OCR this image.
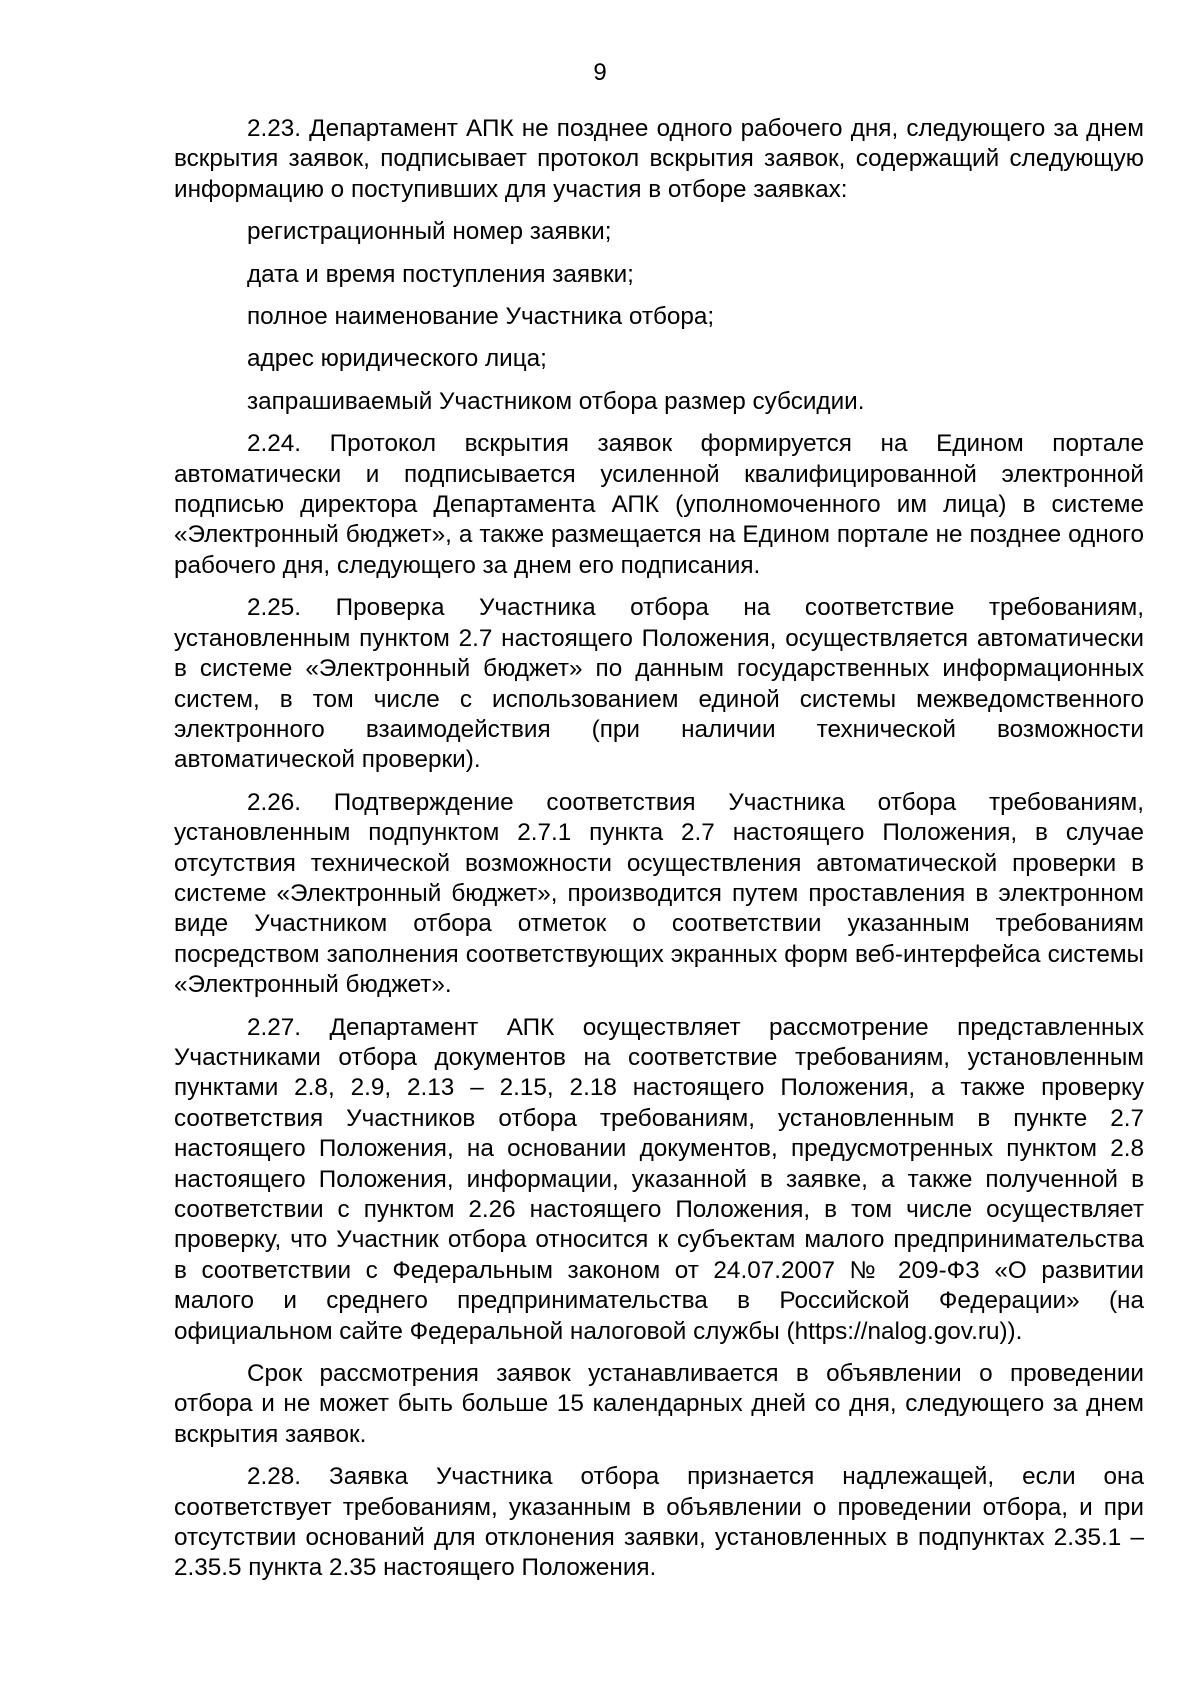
9

2.23. Департамент АПК не позднее одного рабочего дня, следующего за днем вскрытия заявок, подписывает протокол вскрытия заявок, содержащий следующую информацию о поступивших для участия в отборе заявках:

регистрационный номер заявки;

дата и время поступления заявки;

полное наименование Участника отбора;

адрес юридического лица;

запрашиваемый Участником отбора размер субсидии.

2.24. Протокол вскрытия заявок формируется на Едином портале автоматически и подписывается усиленной квалифицированной электронной подписью директора Департамента АПК (уполномоченного им лица) в системе «Электронный бюджет», а также размещается на Едином портале не позднее одного рабочего дня, следующего за днем его подписания.

2.25. Проверка Участника отбора на соответствие требованиям, установленным пунктом 2.7 настоящего Положения, осуществляется автоматически в системе «Электронный бюджет» по данным государственных информационных систем, в том числе с использованием единой системы межведомственного электронного взаимодействия (при наличии технической возможности автоматической проверки).

2.26. Подтверждение соответствия Участника отбора требованиям, установленным подпунктом 2.7.1 пункта 2.7 настоящего Положения, в случае отсутствия технической возможности осуществления автоматической проверки в системе «Электронный бюджет», производится путем проставления в электронном виде Участником отбора отметок о соответствии указанным требованиям посредством заполнения соответствующих экранных форм веб-интерфейса системы «Электронный бюджет».

2.27. Департамент АПК осуществляет рассмотрение представленных Участниками отбора документов на соответствие требованиям, установленным пунктами 2.8, 2.9, 2.13 – 2.15, 2.18 настоящего Положения, а также проверку соответствия Участников отбора требованиям, установленным в пункте 2.7 настоящего Положения, на основании документов, предусмотренных пунктом 2.8 настоящего Положения, информации, указанной в заявке, а также полученной в соответствии с пунктом 2.26 настоящего Положения, в том числе осуществляет проверку, что Участник отбора относится к субъектам малого предпринимательства в соответствии с Федеральным законом от 24.07.2007 № 209-ФЗ «О развитии малого и среднего предпринимательства в Российской Федерации» (на официальном сайте Федеральной налоговой службы (https://nalog.gov.ru)).

Срок рассмотрения заявок устанавливается в объявлении о проведении отбора и не может быть больше 15 календарных дней со дня, следующего за днем вскрытия заявок.

2.28. Заявка Участника отбора признается надлежащей, если она соответствует требованиям, указанным в объявлении о проведении отбора, и при отсутствии оснований для отклонения заявки, установленных в подпунктах 2.35.1 – 2.35.5 пункта 2.35 настоящего Положения.
